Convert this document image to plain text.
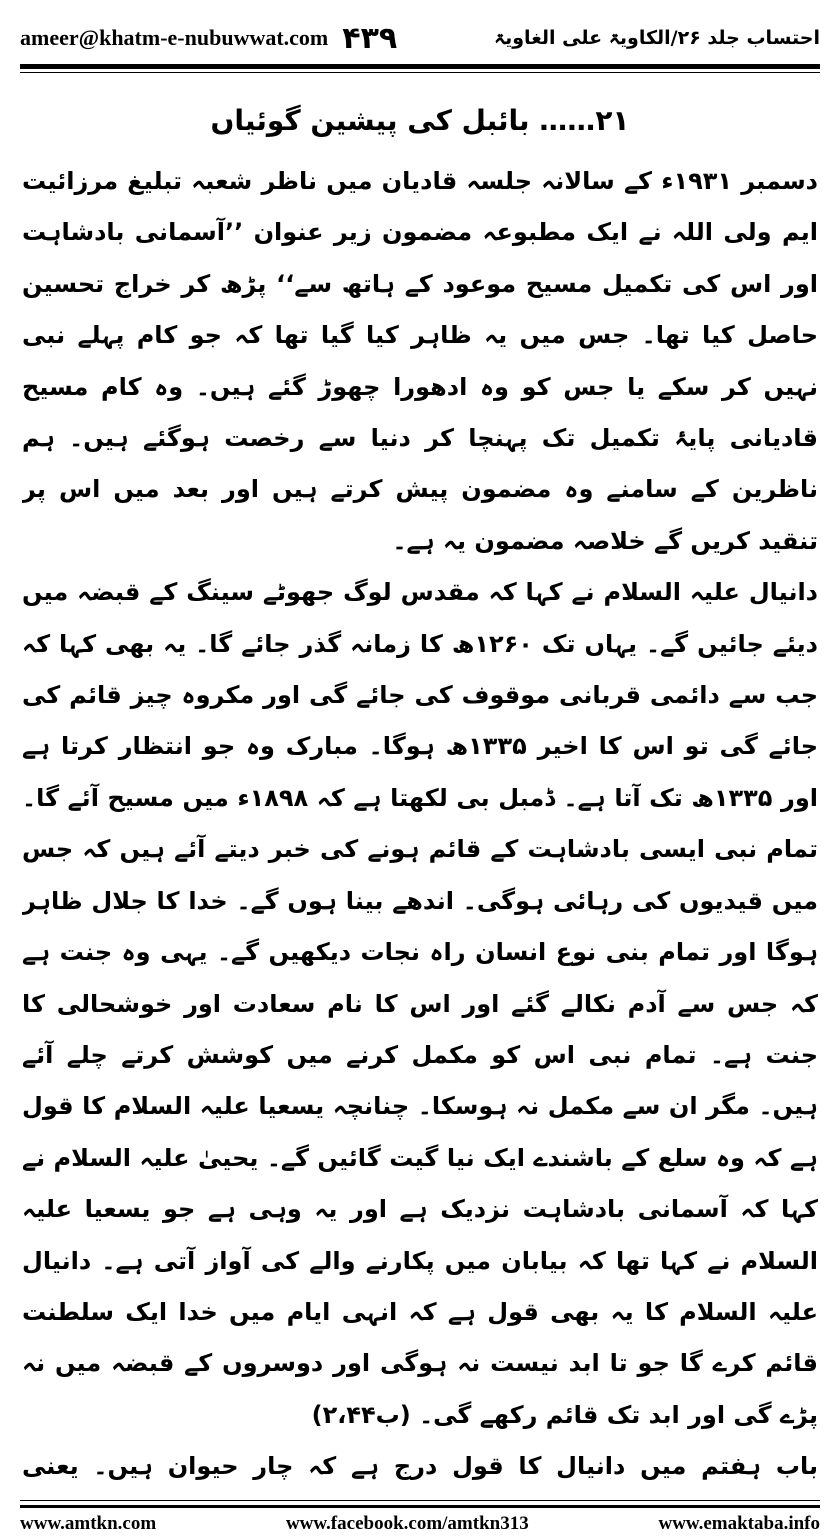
ameer@khatm-e-nubuwwat.com ۴۳۹	احتساب جلد ۲۶/الکاویۃ علی الغاویۃ
۲۱…… بائبل کی پیشین گوئیاں

دسمبر ۱۹۳۱ء کے سالانہ جلسہ قادیان میں ناظر شعبہ تبلیغ مرزائیت ایم ولی اللہ نے ایک مطبوعہ مضمون زیر عنوان ’’آسمانی بادشاہت اور اس کی تکمیل مسیح موعود کے ہاتھ سے‘‘ پڑھ کر خراج تحسین حاصل کیا تھا۔ جس میں یہ ظاہر کیا گیا تھا کہ جو کام پہلے نبی نہیں کر سکے یا جس کو وہ ادھورا چھوڑ گئے ہیں۔ وہ کام مسیح قادیانی پایۂ تکمیل تک پہنچا کر دنیا سے رخصت ہوگئے ہیں۔ ہم ناظرین کے سامنے وہ مضمون پیش کرتے ہیں اور بعد میں اس پر تنقید کریں گے خلاصہ مضمون یہ ہے۔

دانیال علیہ السلام نے کہا کہ مقدس لوگ جھوٹے سینگ کے قبضہ میں دیئے جائیں گے۔ یہاں تک ۱۲۶۰ھ کا زمانہ گذر جائے گا۔ یہ بھی کہا کہ جب سے دائمی قربانی موقوف کی جائے گی اور مکروہ چیز قائم کی جائے گی تو اس کا اخیر ۱۳۳۵ھ ہوگا۔ مبارک وہ جو انتظار کرتا ہے اور ۱۳۳۵ھ تک آتا ہے۔ ڈمبل بی لکھتا ہے کہ ۱۸۹۸ء میں مسیح آئے گا۔ تمام نبی ایسی بادشاہت کے قائم ہونے کی خبر دیتے آئے ہیں کہ جس میں قیدیوں کی رہائی ہوگی۔ اندھے بینا ہوں گے۔ خدا کا جلال ظاہر ہوگا اور تمام بنی نوع انسان راہ نجات دیکھیں گے۔ یہی وہ جنت ہے کہ جس سے آدم نکالے گئے اور اس کا نام سعادت اور خوشحالی کا جنت ہے۔ تمام نبی اس کو مکمل کرنے میں کوشش کرتے چلے آئے ہیں۔ مگر ان سے مکمل نہ ہوسکا۔ چنانچہ یسعیا علیہ السلام کا قول ہے کہ وہ سلع کے باشندے ایک نیا گیت گائیں گے۔ یحییٰ علیہ السلام نے کہا کہ آسمانی بادشاہت نزدیک ہے اور یہ وہی ہے جو یسعیا علیہ السلام نے کہا تھا کہ بیابان میں پکارنے والے کی آواز آتی ہے۔ دانیال علیہ السلام کا یہ بھی قول ہے کہ انہی ایام میں خدا ایک سلطنت قائم کرے گا جو تا ابد نیست نہ ہوگی اور دوسروں کے قبضہ میں نہ پڑے گی اور ابد تک قائم رکھے گی۔ (ب۲،۴۴)

باب ہفتم میں دانیال کا قول درج ہے کہ چار حیوان ہیں۔ یعنی

www.amtkn.com	www.facebook.com/amtkn313	www.emaktaba.info
